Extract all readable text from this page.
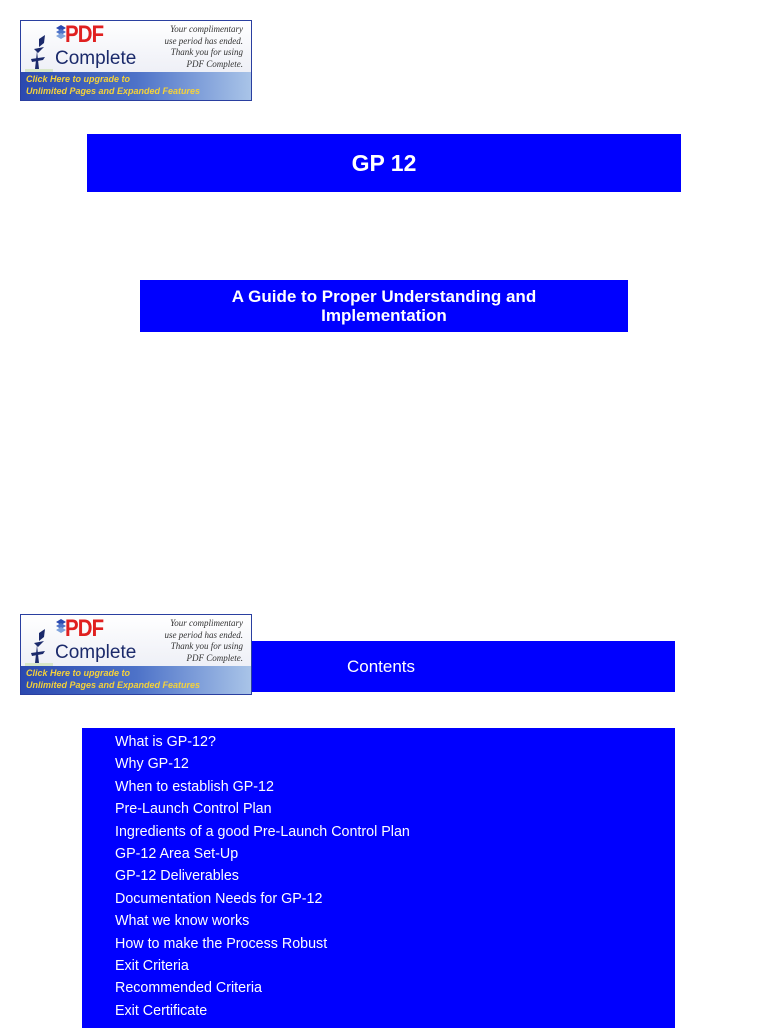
PDF
Complete
Your complimentary
use period has ended.
Thank you for using
PDF Complete.
Click Here to upgrade to
Unlimited Pages and Expanded Features
GP 12
A Guide to Proper Understanding and
Implementation
Contents
PDF
Complete
Your complimentary
use period has ended.
Thank you for using
PDF Complete.
Click Here to upgrade to
Unlimited Pages and Expanded Features
What is GP-12?
Why GP-12
When to establish GP-12
Pre-Launch Control Plan
Ingredients of a good Pre-Launch Control Plan
GP-12 Area Set-Up
GP-12 Deliverables
Documentation Needs for GP-12
What we know works
How to make the Process Robust
Exit Criteria
Recommended Criteria
Exit Certificate
